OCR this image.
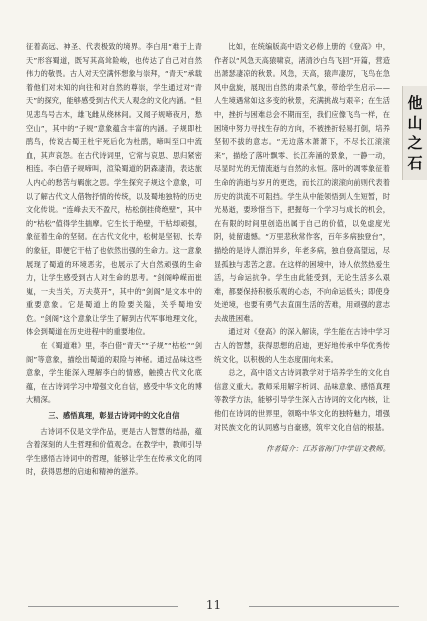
征着高远、神圣、代表极致的境界。李白用“难于上青天”形容蜀道，既写其高耸险峻，也传达了自己对自然伟力的敬畏。古人对天空满怀想象与崇拜，“青天”承载着他们对未知的向往和对自然的尊崇，学生通过对“青天”的探究，能够感受到古代天人观念的文化内涵。“但见悲鸟号古木，雄飞雌从绕林间。又闻子规啼夜月，愁空山”，其中的“子规”意象蕴含丰富的内涵。子规即杜鹃鸟，传说古蜀王杜宇死后化为杜鹃，啼叫至口中流血，其声哀怨。在古代诗词里，它常与哀思、思归紧密相连。李白借子规啼叫，渲染蜀道的阴森凄清，表达旅人内心的愁苦与羁旅之思。学生探究子规这个意象，可以了解古代文人借物抒情的传统，以及蜀地独特的历史文化传说。“连峰去天不盈尺，枯松倒挂倚绝壁”，其中的“枯松”值得学生揣摩。它生长于绝壁，干枯却顽强，象征着生命的坚韧。在古代文化中，松树是坚韧、长寿的象征，即便它干枯了也依然出强的生命力。这一意象展现了蜀道的环境恶劣，也展示了大自然顽强的生命力，让学生感受到古人对生命的思考。“剑阁峥嵘而崔嵬，一夫当关，万夫莫开”，其中的“剑阁”是文本中的重要意象。它是蜀道上的险要关隘，关乎蜀地安危。“剑阁”这个意象让学生了解到古代军事地理文化，体会到蜀道在历史进程中的重要地位。

在《蜀道难》里，李白借“青天”“子规”“枯松”“剑阁”等意象，描绘出蜀道的艰险与神秘。通过品味这些意象，学生能深入理解李白的情感，触摸古代文化底蕴，在古诗词学习中增强文化自信，感受中华文化的博大精深。

三、感悟真理，彰显古诗词中的文化自信

古诗词不仅是文学作品，更是古人智慧的结晶，蕴含着深刻的人生哲理和价值观念。在教学中，教师引导学生感悟古诗词中的哲理，能够让学生在传承文化的同时，获得思想的启迪和精神的滋养。

比如，在统编版高中语文必修上册的《登高》中，作者以“风急天高猿啸哀，渚清沙白鸟飞回”开篇，营造出萧瑟凄凉的秋景。风急，天高，猿声凄厉，飞鸟在急风中盘旋，展现出自然的肃杀气象，带给学生启示——人生境遇常如这多变的秋景，充满挑战与艰辛；在生活中，挫折与困难总会不期而至，我们应像飞鸟一样，在困境中努力寻找生存的方向，不被挫折轻易打倒，培养坚韧不拔的意志。“无边落木萧萧下，不尽长江滚滚来”，描绘了落叶飘零、长江奔涌的景象，一静一动，尽显时光的无情流逝与自然的永恒。落叶的凋零象征着生命的消逝与岁月的更迭，而长江的滚滚向前则代表着历史的洪流不可阻挡。学生从中能领悟到人生短暂，时光易逝，要珍惜当下，把握每一个学习与成长的机会，在有限的时间里创造出属于自己的价值，以免虚度光阴，徒留遗憾。“万里悲秋常作客，百年多病独登台”，描绘的是诗人漂泊异乡，年老多病，独自登高望远，尽显孤独与悲苦之意。在这样的困境中，诗人依然热爱生活，与命运抗争。学生由此能受到，无论生活多么艰难，都要保持积极乐观的心态，不向命运低头；即使身处逆境，也要有勇气去直面生活的苦难，用顽强的意志去战胜困难。

通过对《登高》的深入解读，学生能在古诗中学习古人的智慧，获得思想的启迪，更好地传承中华优秀传统文化，以积极的人生态度面向未来。

总之，高中语文古诗词教学对于培养学生的文化自信意义重大。教师采用解字析词、品味意象、感悟真理等教学方法，能够引导学生深入古诗词的文化内核，让他们在诗词的世界里，领略中华文化的独特魅力，增强对民族文化的认同感与自豪感，筑牢文化自信的根基。

作者简介：江苏省海门中学语文教师。

他
山
之
石
11
